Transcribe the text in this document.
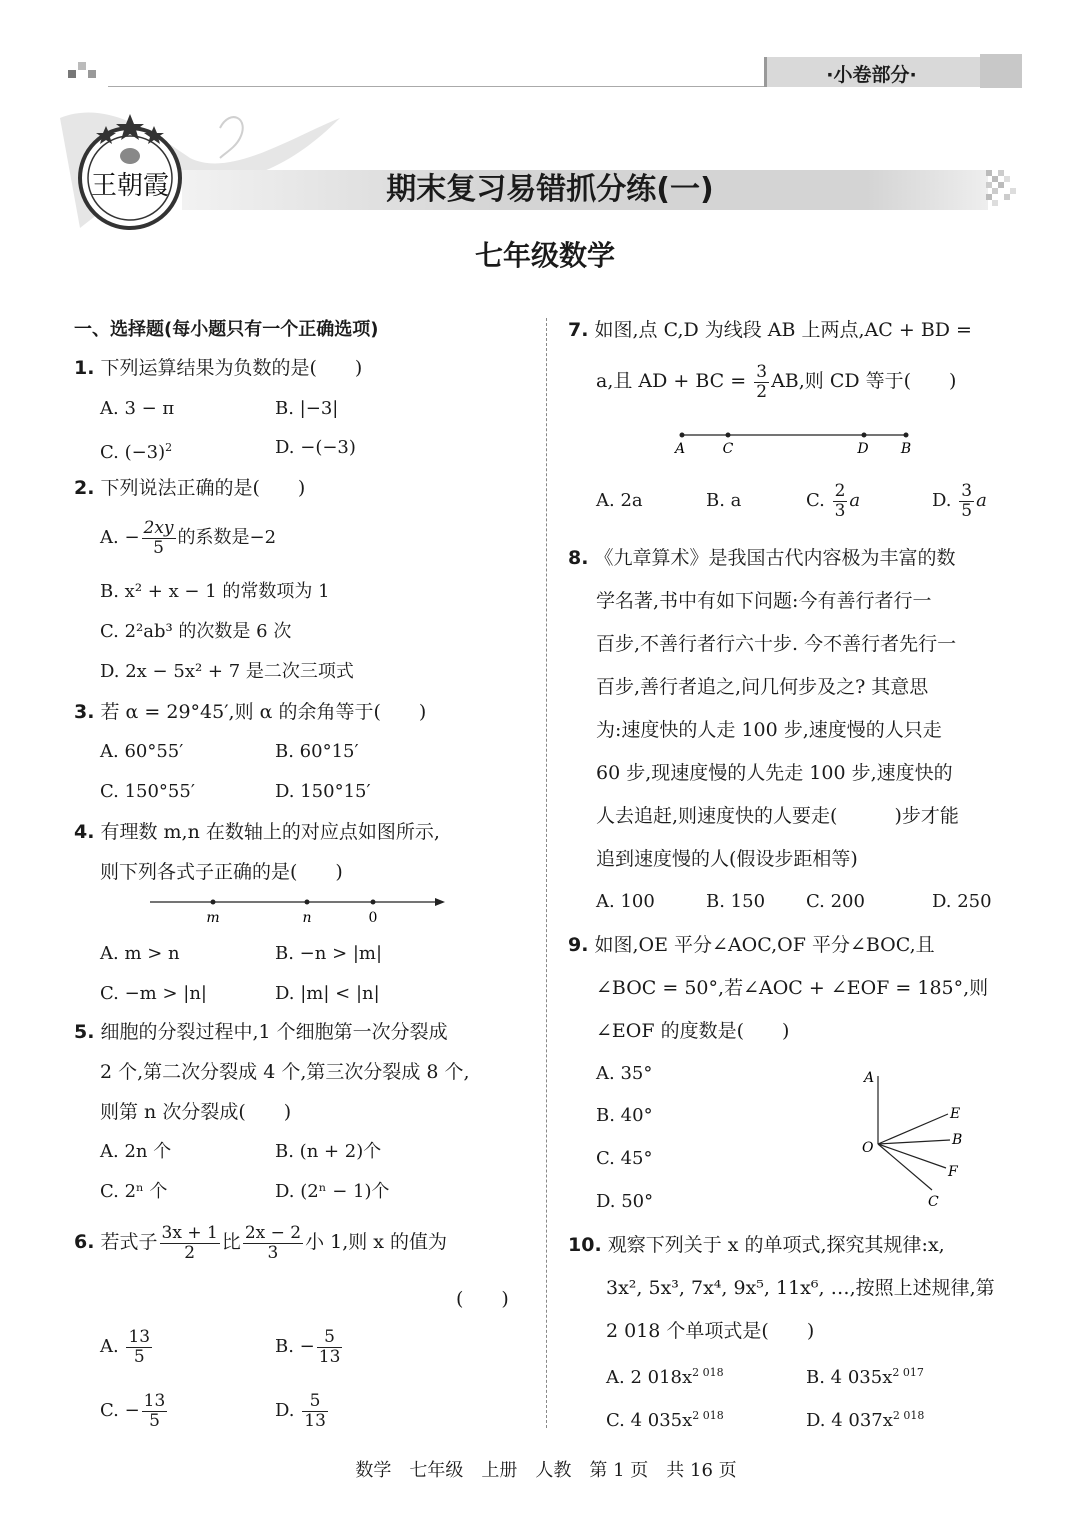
·小卷部分·
王朝霞	期末复习易错抓分练(一)
七年级数学
一、选择题(每小题只有一个正确选项)
1. 下列运算结果为负数的是(　　)
A. 3 − π	B. |−3|
C. $(-3)^2$	D. −(−3)
2. 下列说法正确的是(　　)
A. − $\frac{2xy}{5}$ 的系数是−2
B. x² + x − 1 的常数项为 1
C. 2²ab³ 的次数是 6 次
D. 2x − 5x² + 7 是二次三项式
3. 若 α = 29°45′,则 α 的余角等于(　　)
A. 60°55′	B. 60°15′
C. 150°55′	D. 150°15′
4. 有理数 m,n 在数轴上的对应点如图所示,
则下列各式子正确的是(　　)
m	n	0
A. m > n	B. −n > |m|
C. −m > |n|	D. |m| < |n|
5. 细胞的分裂过程中,1 个细胞第一次分裂成
2 个,第二次分裂成 4 个,第三次分裂成 8 个,
则第 n 次分裂成(　　)
A. 2n 个	B. (n + 2)个
C. 2ⁿ 个	D. (2ⁿ − 1)个
6. 若式子 $\frac{3x + 1}{2}$ 比 $\frac{2x - 2}{3}$ 小 1,则 x 的值为
(　　)
A. $\frac{13}{5}$	B. − $\frac{5}{13}$
C. − $\frac{13}{5}$	D. $\frac{5}{13}$
7. 如图,点 C,D 为线段 AB 上两点,AC + BD =
a,且 AD + BC = $\frac{3}{2}$ AB,则 CD 等于(　　)
A	C	D B
A. 2a	B. a	C. $\frac{2}{3}$ a	D. $\frac{3}{5}$ a
8. 《九章算术》是我国古代内容极为丰富的数
学名著,书中有如下问题:今有善行者行一
百步,不善行者行六十步. 今不善行者先行一
百步,善行者追之,问几何步及之? 其意思
为:速度快的人走 100 步,速度慢的人只走
60 步,现速度慢的人先走 100 步,速度快的
人去追赶,则速度快的人要走(　　　)步才能
追到速度慢的人(假设步距相等)
A. 100	B. 150 C. 200	D. 250
9. 如图,OE 平分∠AOC,OF 平分∠BOC,且
∠BOC = 50°,若∠AOC + ∠EOF = 185°,则
∠EOF 的度数是(　　)
A. 35°
B. 40°
C. 45°
D. 50°
A
E
O	B
F
C
10. 观察下列关于 x 的单项式,探究其规律:x,
3x², 5x³, 7x⁴, 9x⁵, 11x⁶, …,按照上述规律,第
2 018 个单项式是(　　)
A. 2 $018x^{2 018}$	B. 4 $035x^{2 017}$
C. 4 $035x^{2 018}$	D. 4 $037x^{2 018}$
数学　七年级　上册　人教　第 1 页　共 16 页
